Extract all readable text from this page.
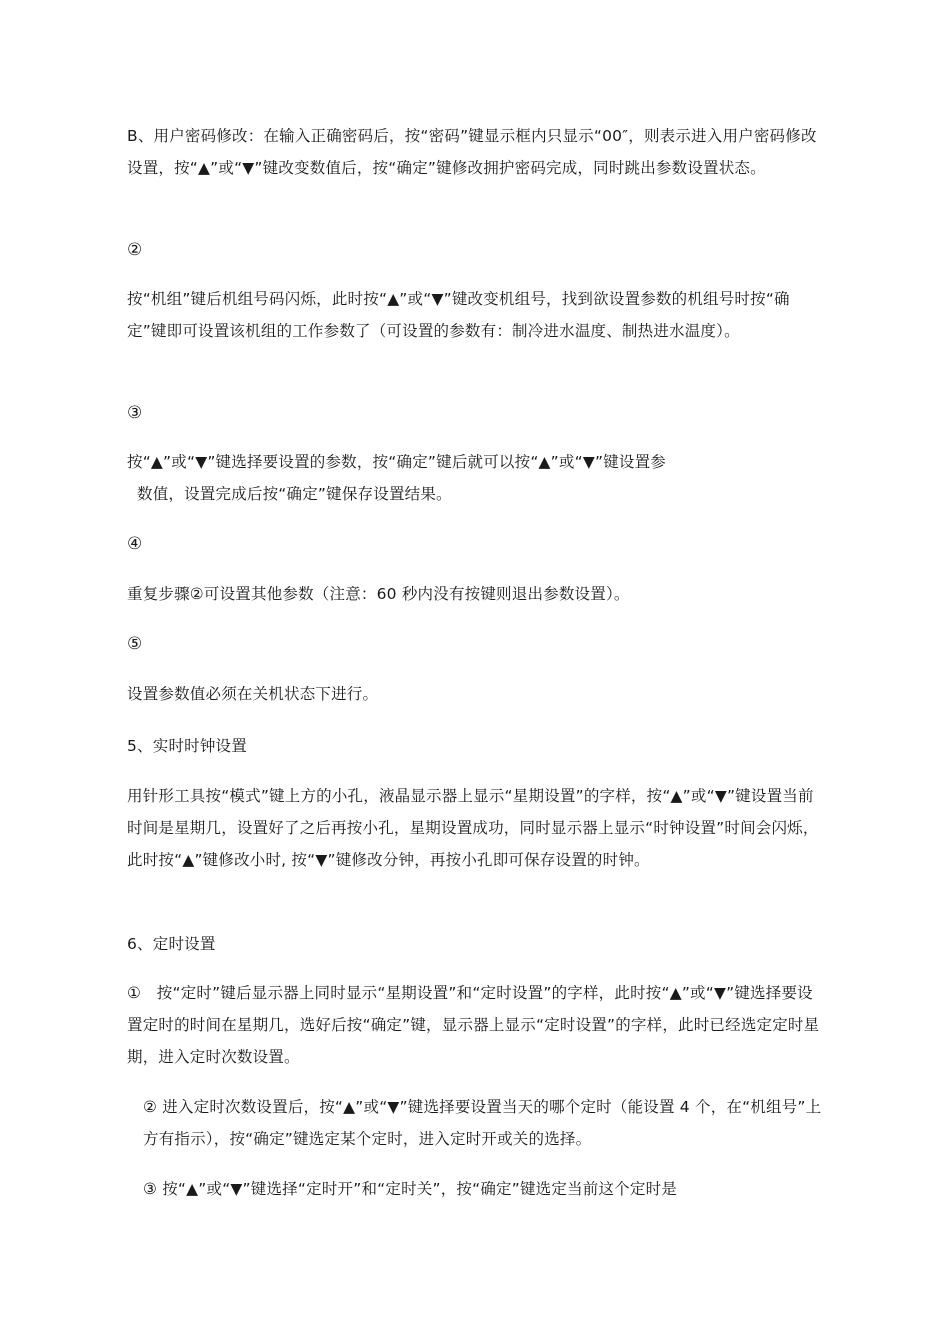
B、用户密码修改：在输入正确密码后，按“密码”键显示框内只显示“00″，则表示进入用户密码修改设置，按“▲”或“▼”键改变数值后，按“确定”键修改拥护密码完成，同时跳出参数设置状态。

②

按“机组”键后机组号码闪烁，此时按“▲”或“▼”键改变机组号，找到欲设置参数的机组号时按“确定”键即可设置该机组的工作参数了（可设置的参数有：制冷进水温度、制热进水温度）。

③

按“▲”或“▼”键选择要设置的参数，按“确定”键后就可以按“▲”或“▼”键设置参

数值，设置完成后按“确定”键保存设置结果。

④

重复步骤②可设置其他参数（注意：60 秒内没有按键则退出参数设置）。

⑤

设置参数值必须在关机状态下进行。

5、实时时钟设置

用针形工具按“模式”键上方的小孔，液晶显示器上显示“星期设置”的字样，按“▲”或“▼”键设置当前时间是星期几，设置好了之后再按小孔，星期设置成功，同时显示器上显示“时钟设置”时间会闪烁，此时按“▲”键修改小时, 按“▼”键修改分钟，再按小孔即可保存设置的时钟。

6、定时设置

①　按“定时”键后显示器上同时显示“星期设置”和“定时设置”的字样，此时按“▲”或“▼”键选择要设置定时的时间在星期几，选好后按“确定”键，显示器上显示“定时设置”的字样，此时已经选定定时星期，进入定时次数设置。

② 进入定时次数设置后，按“▲”或“▼”键选择要设置当天的哪个定时（能设置 4 个，在“机组号”上方有指示），按“确定”键选定某个定时，进入定时开或关的选择。

③ 按“▲”或“▼”键选择“定时开”和“定时关”，按“确定”键选定当前这个定时是
